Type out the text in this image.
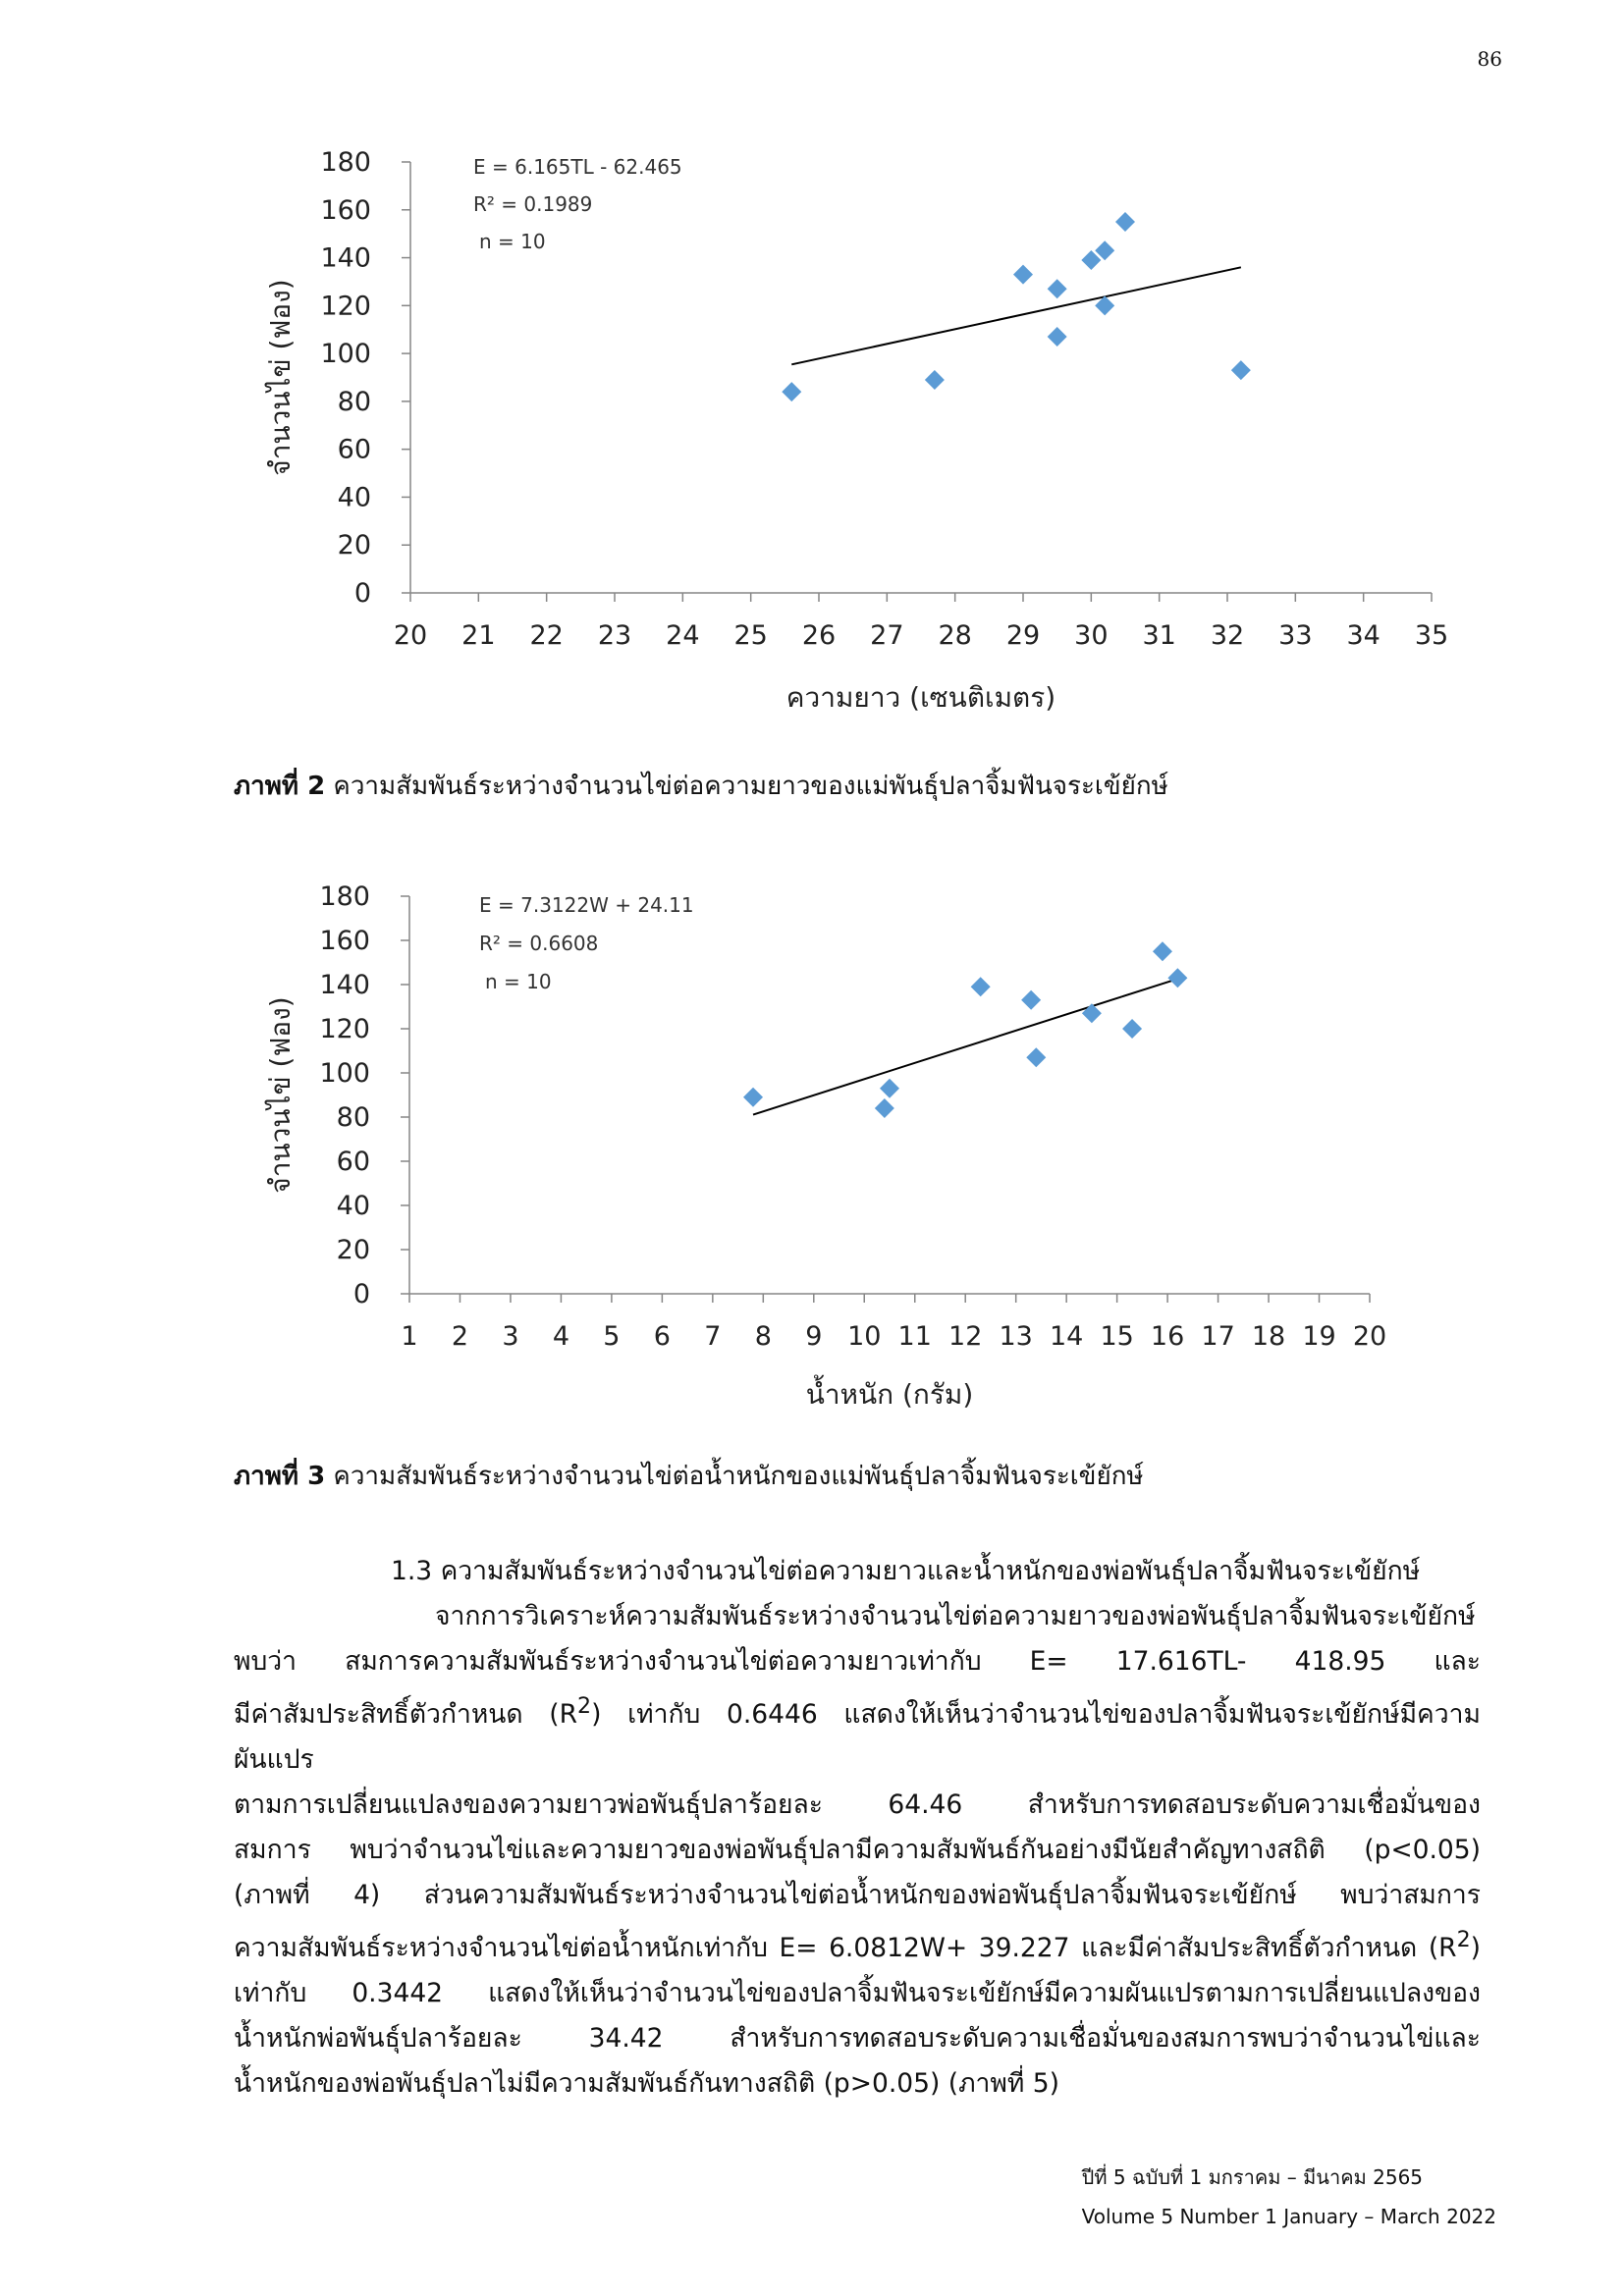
86
0
20
40
60
80
100
120
140
160
180
20 21 22 23 24 25 26 27 28 29 30 31 32 33 34 35
ความยาว (เซนติเมตร)
จำนวนไข่ (ฟอง)
E = 6.165TL - 62.465
R² = 0.1989
n = 10
ภาพที่ 2 ความสัมพันธ์ระหว่างจำนวนไข่ต่อความยาวของแม่พันธุ์ปลาจิ้มฟันจระเข้ยักษ์
0
20
40
60
80
100
120
140
160
180
1 2 3 4 5 6 7 8 9 10 11 12 13 14 15 16 17 18 19 20
น้ำหนัก (กรัม)
จำนวนไข่ (ฟอง)
E = 7.3122W + 24.11
R² = 0.6608
n = 10
ภาพที่ 3 ความสัมพันธ์ระหว่างจำนวนไข่ต่อน้ำหนักของแม่พันธุ์ปลาจิ้มฟันจระเข้ยักษ์

1.3 ความสัมพันธ์ระหว่างจำนวนไข่ต่อความยาวและน้ำหนักของพ่อพันธุ์ปลาจิ้มฟันจระเข้ยักษ์

จากการวิเคราะห์ความสัมพันธ์ระหว่างจำนวนไข่ต่อความยาวของพ่อพันธุ์ปลาจิ้มฟันจระเข้ยักษ์

พบว่า สมการความสัมพันธ์ระหว่างจำนวนไข่ต่อความยาวเท่ากับ E= 17.616TL- 418.95 และ

มีค่าสัมประสิทธิ์ตัวกำหนด $(R^2)$ เท่ากับ 0.6446 แสดงให้เห็นว่าจำนวนไข่ของปลาจิ้มฟันจระเข้ยักษ์มีความผันแปร

ตามการเปลี่ยนแปลงของความยาวพ่อพันธุ์ปลาร้อยละ 64.46 สำหรับการทดสอบระดับความเชื่อมั่นของ

สมการ พบว่าจำนวนไข่และความยาวของพ่อพันธุ์ปลามีความสัมพันธ์กันอย่างมีนัยสำคัญทางสถิติ (p<0.05)

(ภาพที่ 4) ส่วนความสัมพันธ์ระหว่างจำนวนไข่ต่อน้ำหนักของพ่อพันธุ์ปลาจิ้มฟันจระเข้ยักษ์ พบว่าสมการ

ความสัมพันธ์ระหว่างจำนวนไข่ต่อน้ำหนักเท่ากับ E= 6.0812W+ 39.227 และมีค่าสัมประสิทธิ์ตัวกำหนด $(R^2)$

เท่ากับ 0.3442 แสดงให้เห็นว่าจำนวนไข่ของปลาจิ้มฟันจระเข้ยักษ์มีความผันแปรตามการเปลี่ยนแปลงของ

น้ำหนักพ่อพันธุ์ปลาร้อยละ 34.42 สำหรับการทดสอบระดับความเชื่อมั่นของสมการพบว่าจำนวนไข่และ

น้ำหนักของพ่อพันธุ์ปลาไม่มีความสัมพันธ์กันทางสถิติ (p>0.05) (ภาพที่ 5)

ปีที่ 5 ฉบับที่ 1 มกราคม – มีนาคม 2565
Volume 5 Number 1 January – March 2022
